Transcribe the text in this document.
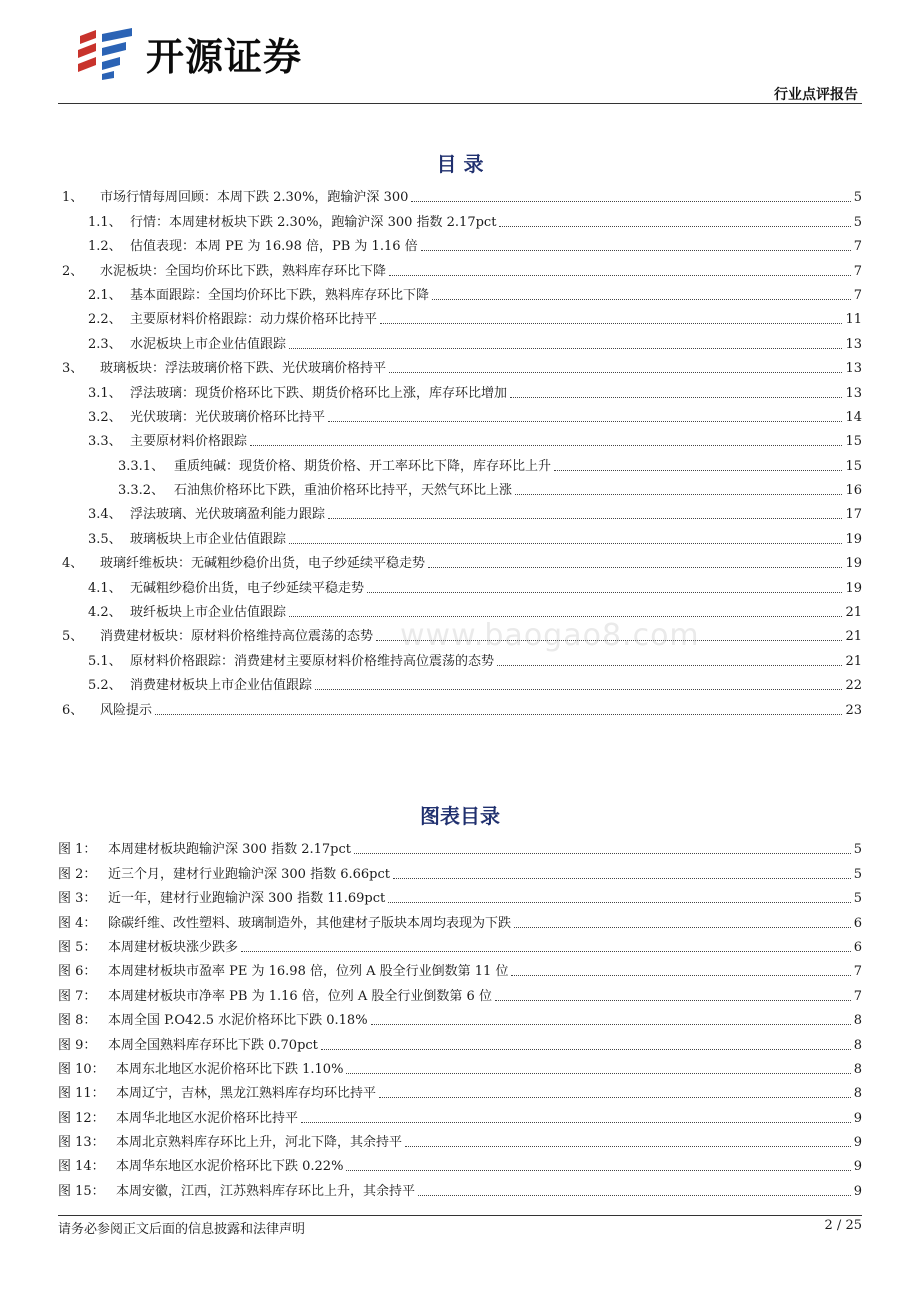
开源证券
行业点评报告
目 录
1、	市场行情每周回顾：本周下跌 2.30%，跑输沪深 300	5
1.1、 行情：本周建材板块下跌 2.30%，跑输沪深 300 指数 2.17pct	5
1.2、 估值表现：本周 PE 为 16.98 倍，PB 为 1.16 倍	7
2、	水泥板块：全国均价环比下跌，熟料库存环比下降	7
2.1、 基本面跟踪：全国均价环比下跌，熟料库存环比下降	7
2.2、 主要原材料价格跟踪：动力煤价格环比持平	11
2.3、 水泥板块上市企业估值跟踪	13
3、	玻璃板块：浮法玻璃价格下跌、光伏玻璃价格持平	13
3.1、 浮法玻璃：现货价格环比下跌、期货价格环比上涨，库存环比增加	13
3.2、 光伏玻璃：光伏玻璃价格环比持平	14
3.3、 主要原材料价格跟踪	15
3.3.1、 重质纯碱：现货价格、期货价格、开工率环比下降，库存环比上升	15
3.3.2、 石油焦价格环比下跌，重油价格环比持平，天然气环比上涨	16
3.4、 浮法玻璃、光伏玻璃盈利能力跟踪	17
3.5、 玻璃板块上市企业估值跟踪	19
4、	玻璃纤维板块：无碱粗纱稳价出货，电子纱延续平稳走势	19
4.1、 无碱粗纱稳价出货，电子纱延续平稳走势	19
4.2、 玻纤板块上市企业估值跟踪	21
5、	消费建材板块：原材料价格维持高位震荡的态势	21
5.1、 原材料价格跟踪：消费建材主要原材料价格维持高位震荡的态势	21
5.2、 消费建材板块上市企业估值跟踪	22
6、	风险提示	23
www.baogao8.com
图表目录
图 1： 本周建材板块跑输沪深 300 指数 2.17pct	5
图 2： 近三个月，建材行业跑输沪深 300 指数 6.66pct	5
图 3： 近一年，建材行业跑输沪深 300 指数 11.69pct	5
图 4： 除碳纤维、改性塑料、玻璃制造外，其他建材子版块本周均表现为下跌	6
图 5： 本周建材板块涨少跌多	6
图 6： 本周建材板块市盈率 PE 为 16.98 倍，位列 A 股全行业倒数第 11 位	7
图 7： 本周建材板块市净率 PB 为 1.16 倍，位列 A 股全行业倒数第 6 位	7
图 8： 本周全国 P.O42.5 水泥价格环比下跌 0.18%	8
图 9： 本周全国熟料库存环比下跌 0.70pct	8
图 10： 本周东北地区水泥价格环比下跌 1.10%	8
图 11： 本周辽宁，吉林，黑龙江熟料库存均环比持平	8
图 12： 本周华北地区水泥价格环比持平	9
图 13： 本周北京熟料库存环比上升，河北下降，其余持平	9
图 14： 本周华东地区水泥价格环比下跌 0.22%	9
图 15： 本周安徽，江西，江苏熟料库存环比上升，其余持平	9
请务必参阅正文后面的信息披露和法律声明	2 / 25
